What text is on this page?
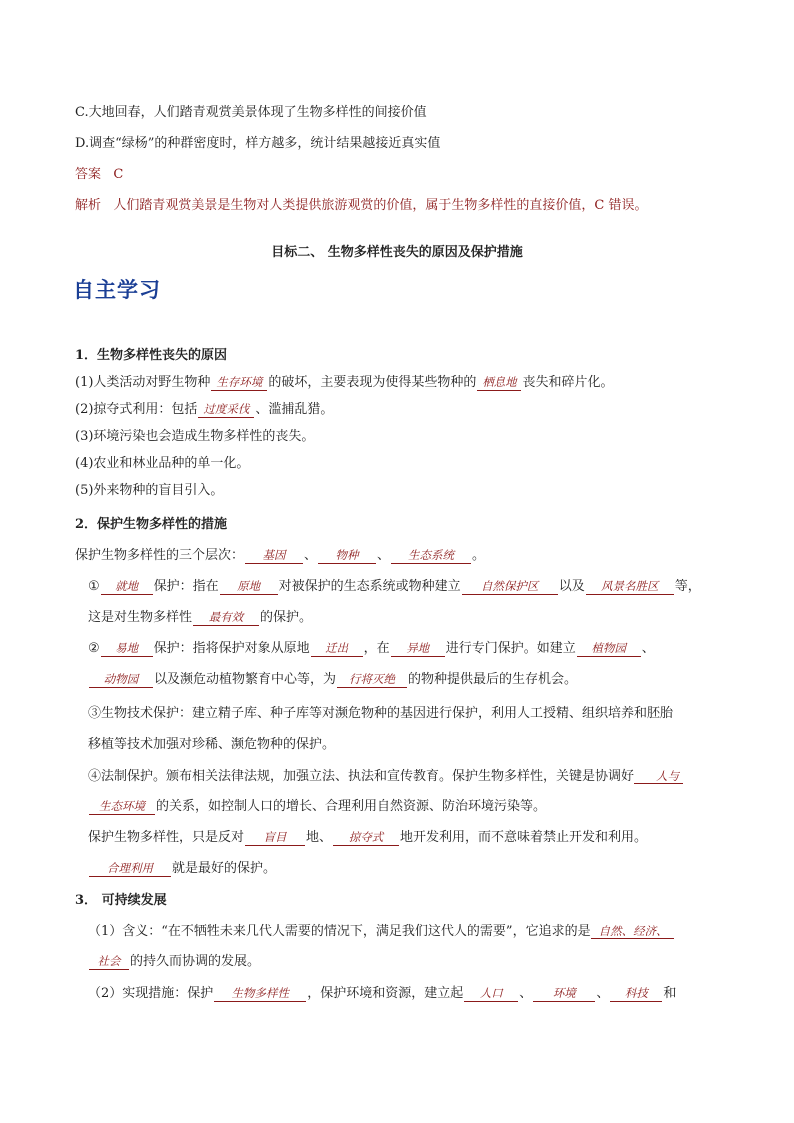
C.大地回春，人们踏青观赏美景体现了生物多样性的间接价值
D.调查“绿杨”的种群密度时，样方越多，统计结果越接近真实值
答案 C
解析 人们踏青观赏美景是生物对人类提供旅游观赏的价值，属于生物多样性的直接价值，C 错误。
目标二、 生物多样性丧失的原因及保护措施
自主学习
1．生物多样性丧失的原因
(1)人类活动对野生物种 生存环境 的破坏，主要表现为使得某些物种的 栖息地 丧失和碎片化。
(2)掠夺式利用：包括 过度采伐 、滥捕乱猎。
(3)环境污染也会造成生物多样性的丧失。
(4)农业和林业品种的单一化。
(5)外来物种的盲目引入。
2．保护生物多样性的措施
保护生物多样性的三个层次： 基因 、 物种 、 生态系统 。
① 就地 保护：指在 原地 对被保护的生态系统或物种建立 自然保护区 以及 风景名胜区 等，
这是对生物多样性 最有效 的保护。
② 易地 保护：指将保护对象从原地 迁出 ，在 异地 进行专门保护。如建立 植物园 、
动物园 以及濒危动植物繁育中心等，为 行将灭绝 的物种提供最后的生存机会。
③生物技术保护：建立精子库、种子库等对濒危物种的基因进行保护，利用人工授精、组织培养和胚胎
移植等技术加强对珍稀、濒危物种的保护。
④法制保护。颁布相关法律法规，加强立法、执法和宣传教育。保护生物多样性，关键是协调好 人与
生态环境 的关系，如控制人口的增长、合理利用自然资源、防治环境污染等。
保护生物多样性，只是反对 盲目 地、 掠夺式 地开发利用，而不意味着禁止开发和利用。
合理利用 就是最好的保护。
3． 可持续发展
（1）含义：“在不牺牲未来几代人需要的情况下，满足我们这代人的需要”，它追求的是 自然、经济、
社会 的持久而协调的发展。
（2）实现措施：保护 生物多样性 ，保护环境和资源，建立起 人口 、 环境 、 科技 和
